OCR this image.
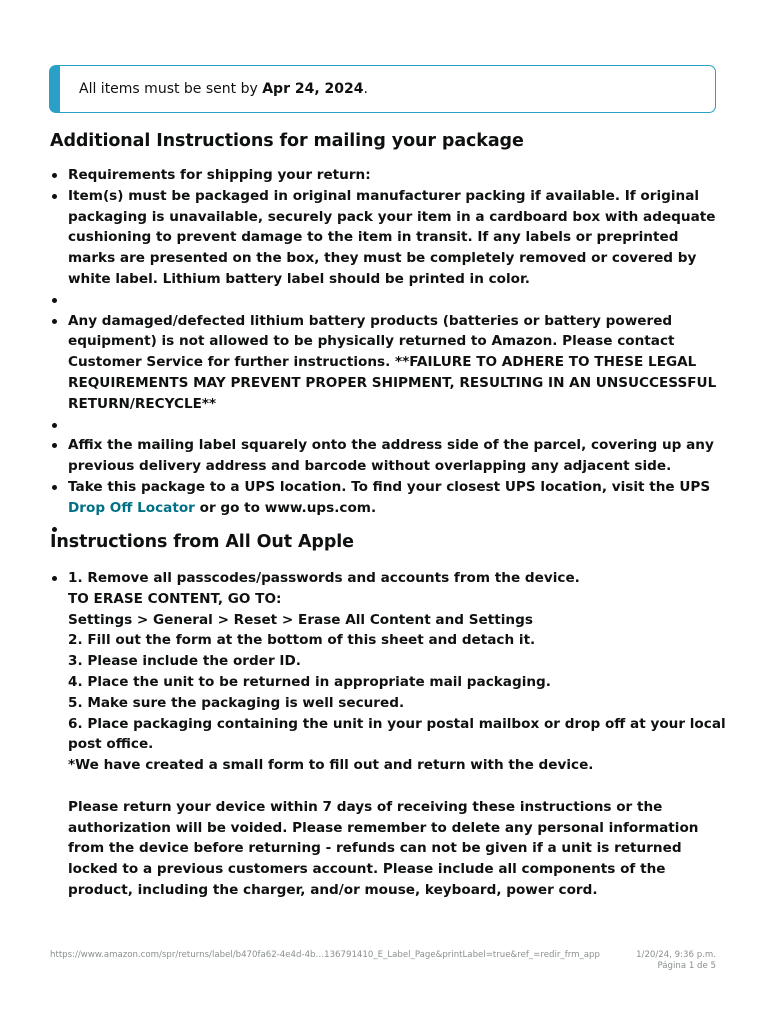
All items must be sent by Apr 24, 2024.
Additional Instructions for mailing your package
Requirements for shipping your return:
Item(s) must be packaged in original manufacturer packing if available. If original packaging is unavailable, securely pack your item in a cardboard box with adequate cushioning to prevent damage to the item in transit. If any labels or preprinted marks are presented on the box, they must be completely removed or covered by white label. Lithium battery label should be printed in color.
Any damaged/defected lithium battery products (batteries or battery powered equipment) is not allowed to be physically returned to Amazon. Please contact Customer Service for further instructions. **FAILURE TO ADHERE TO THESE LEGAL REQUIREMENTS MAY PREVENT PROPER SHIPMENT, RESULTING IN AN UNSUCCESSFUL RETURN/RECYCLE**
Affix the mailing label squarely onto the address side of the parcel, covering up any previous delivery address and barcode without overlapping any adjacent side.
Take this package to a UPS location. To find your closest UPS location, visit the UPS Drop Off Locator or go to www.ups.com.
Instructions from All Out Apple
1. Remove all passcodes/passwords and accounts from the device.
TO ERASE CONTENT, GO TO:
Settings > General > Reset > Erase All Content and Settings
2. Fill out the form at the bottom of this sheet and detach it.
3. Please include the order ID.
4. Place the unit to be returned in appropriate mail packaging.
5. Make sure the packaging is well secured.
6. Place packaging containing the unit in your postal mailbox or drop off at your local post office.
*We have created a small form to fill out and return with the device.
Please return your device within 7 days of receiving these instructions or the authorization will be voided. Please remember to delete any personal information from the device before returning - refunds can not be given if a unit is returned locked to a previous customers account. Please include all components of the product, including the charger, and/or mouse, keyboard, power cord.
https://www.amazon.com/spr/returns/label/b470fa62-4e4d-4b…136791410_E_Label_Page&printLabel=true&ref_=redir_frm_app	1/20/24, 9:36 p.m.
Página 1 de 5
